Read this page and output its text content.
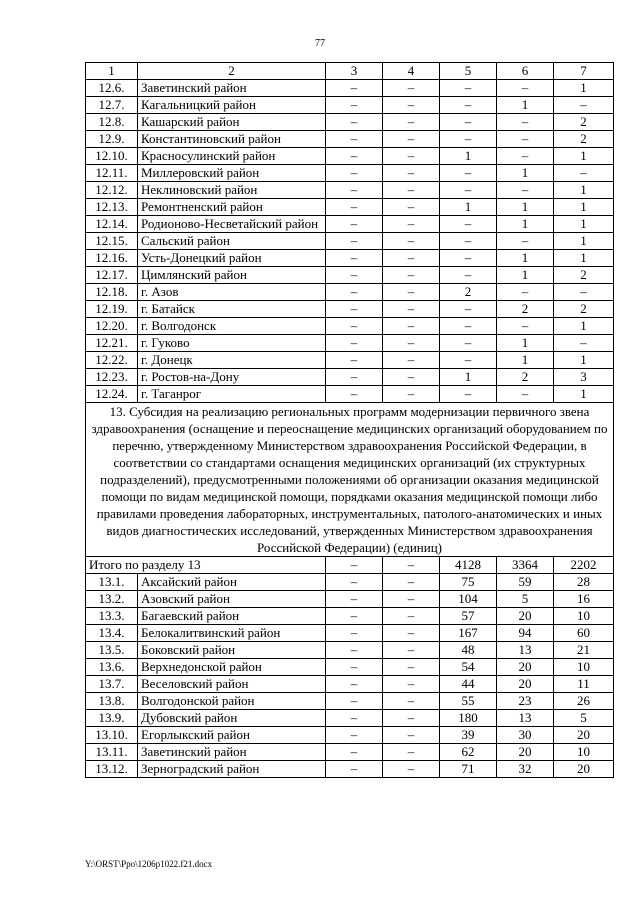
77
1	2	3	4	5	6	7
12.6.	Заветинский район	–	–	–	–	1
12.7.	Кагальницкий район	–	–	–	1	–
12.8.	Кашарский район	–	–	–	–	2
12.9.	Константиновский район	–	–	–	–	2
12.10.	Красносулинский район	–	–	1	–	1
12.11.	Миллеровский район	–	–	–	1	–
12.12.	Неклиновский район	–	–	–	–	1
12.13.	Ремонтненский район	–	–	1	1	1
12.14.	Родионово-Несветайский район	–	–	–	1	1
12.15.	Сальский район	–	–	–	–	1
12.16.	Усть-Донецкий район	–	–	–	1	1
12.17.	Цимлянский район	–	–	–	1	2
12.18.	г. Азов	–	–	2	–	–
12.19.	г. Батайск	–	–	–	2	2
12.20.	г. Волгодонск	–	–	–	–	1
12.21.	г. Гуково	–	–	–	1	–
12.22.	г. Донецк	–	–	–	1	1
12.23.	г. Ростов-на-Дону	–	–	1	2	3
12.24.	г. Таганрог	–	–	–	–	1
13. Субсидия на реализацию региональных программ модернизации первичного звена здравоохранения (оснащение и переоснащение медицинских организаций оборудованием по перечню, утвержденному Министерством здравоохранения Российской Федерации, в соответствии со стандартами оснащения медицинских организаций (их структурных подразделений), предусмотренными положениями об организации оказания медицинской помощи по видам медицинской помощи, порядками оказания медицинской помощи либо правилами проведения лабораторных, инструментальных, патолого-анатомических и иных видов диагностических исследований, утвержденных Министерством здравоохранения Российской Федерации) (единиц)						
Итого по разделу 13		–	–	4128	3364	2202
13.1.	Аксайский район	–	–	75	59	28
13.2.	Азовский район	–	–	104	5	16
13.3.	Багаевский район	–	–	57	20	10
13.4.	Белокалитвинский район	–	–	167	94	60
13.5.	Боковский район	–	–	48	13	21
13.6.	Верхнедонской район	–	–	54	20	10
13.7.	Веселовский район	–	–	44	20	11
13.8.	Волгодонской район	–	–	55	23	26
13.9.	Дубовский район	–	–	180	13	5
13.10.	Егорлыкский район	–	–	39	30	20
13.11.	Заветинский район	–	–	62	20	10
13.12.	Зерноградский район	–	–	71	32	20
Y:\ORST\Ppo\1206p1022.f21.docx
